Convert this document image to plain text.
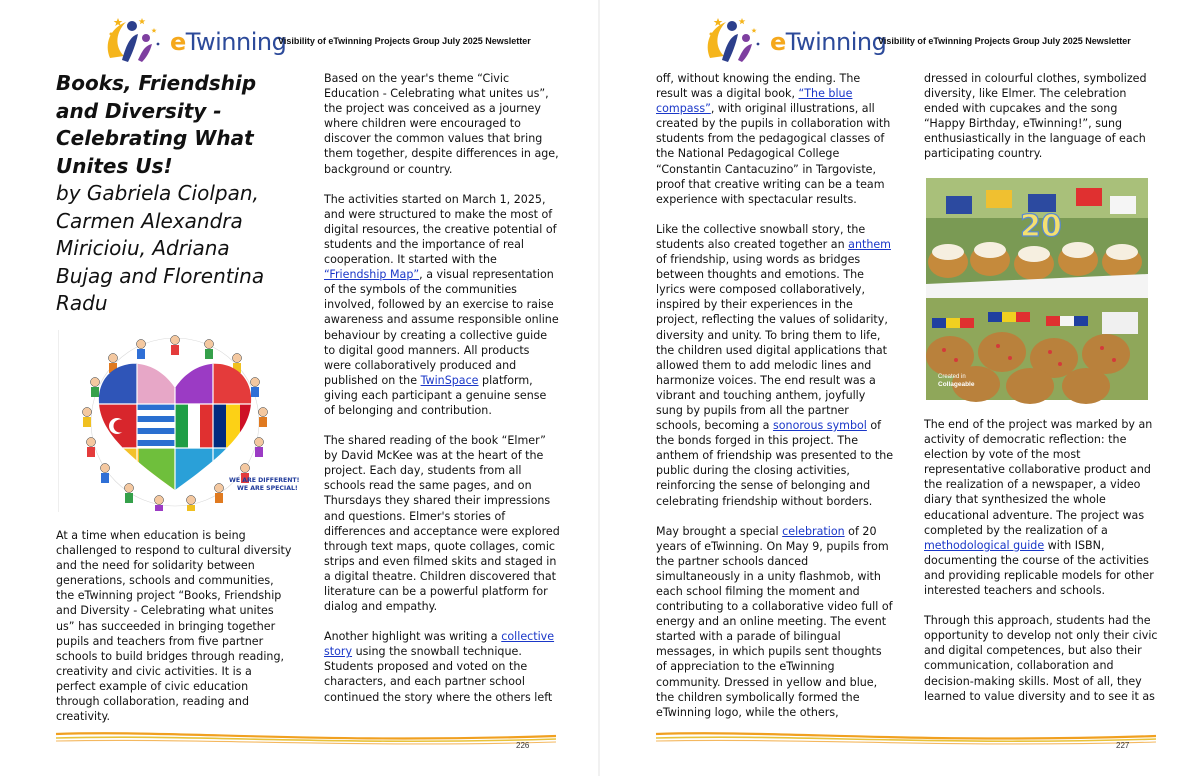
eTwinning
Visibility of eTwinning Projects Group July 2025 Newsletter
Books, Friendship and Diversity - Celebrating What Unites Us!
by Gabriela Ciolpan, Carmen Alexandra Miricioiu, Adriana Bujag and Florentina Radu
WE ARE DIFFERENT!
WE ARE SPECIAL!

At a time when education is being challenged to respond to cultural diversity and the need for solidarity between generations, schools and communities, the eTwinning project “Books, Friendship and Diversity - Celebrating what unites us” has succeeded in bringing together pupils and teachers from five partner schools to build bridges through reading, creativity and civic activities. It is a perfect example of civic education through collaboration, reading and creativity.

Based on the year's theme “Civic Education - Celebrating what unites us”, the project was conceived as a journey where children were encouraged to discover the common values that bring them together, despite differences in age, background or country.

The activities started on March 1, 2025, and were structured to make the most of digital resources, the creative potential of students and the importance of real cooperation. It started with the “Friendship Map”, a visual representation of the symbols of the communities involved, followed by an exercise to raise awareness and assume responsible online behaviour by creating a collective guide to digital good manners. All products were collaboratively produced and published on the TwinSpace platform, giving each participant a genuine sense of belonging and contribution.

The shared reading of the book “Elmer” by David McKee was at the heart of the project. Each day, students from all schools read the same pages, and on Thursdays they shared their impressions and questions. Elmer's stories of differences and acceptance were explored through text maps, quote collages, comic strips and even filmed skits and staged in a digital theatre. Children discovered that literature can be a powerful platform for dialog and empathy.

Another highlight was writing a collective story using the snowball technique. Students proposed and voted on the characters, and each partner school continued the story where the others left

226
eTwinning
Visibility of eTwinning Projects Group July 2025 Newsletter

off, without knowing the ending. The result was a digital book, “The blue compass”, with original illustrations, all created by the pupils in collaboration with students from the pedagogical classes of the National Pedagogical College “Constantin Cantacuzino” in Targoviste, proof that creative writing can be a team experience with spectacular results.

Like the collective snowball story, the students also created together an anthem of friendship, using words as bridges between thoughts and emotions. The lyrics were composed collaboratively, inspired by their experiences in the project, reflecting the values of solidarity, diversity and unity. To bring them to life, the children used digital applications that allowed them to add melodic lines and harmonize voices. The end result was a vibrant and touching anthem, joyfully sung by pupils from all the partner schools, becoming a sonorous symbol of the bonds forged in this project. The anthem of friendship was presented to the public during the closing activities, reinforcing the sense of belonging and celebrating friendship without borders.

May brought a special celebration of 20 years of eTwinning. On May 9, pupils from the partner schools danced simultaneously in a unity flashmob, with each school filming the moment and contributing to a collaborative video full of energy and an online meeting. The event started with a parade of bilingual messages, in which pupils sent thoughts of appreciation to the eTwinning community. Dressed in yellow and blue, the children symbolically formed the eTwinning logo, while the others,

dressed in colourful clothes, symbolized diversity, like Elmer. The celebration ended with cupcakes and the song “Happy Birthday, eTwinning!”, sung enthusiastically in the language of each participating country.

20
Created in
Collageable

The end of the project was marked by an activity of democratic reflection: the election by vote of the most representative collaborative product and the realization of a newspaper, a video diary that synthesized the whole educational adventure. The project was completed by the realization of a methodological guide with ISBN, documenting the course of the activities and providing replicable models for other interested teachers and schools.

Through this approach, students had the opportunity to develop not only their civic and digital competences, but also their communication, collaboration and decision-making skills. Most of all, they learned to value diversity and to see it as

227
